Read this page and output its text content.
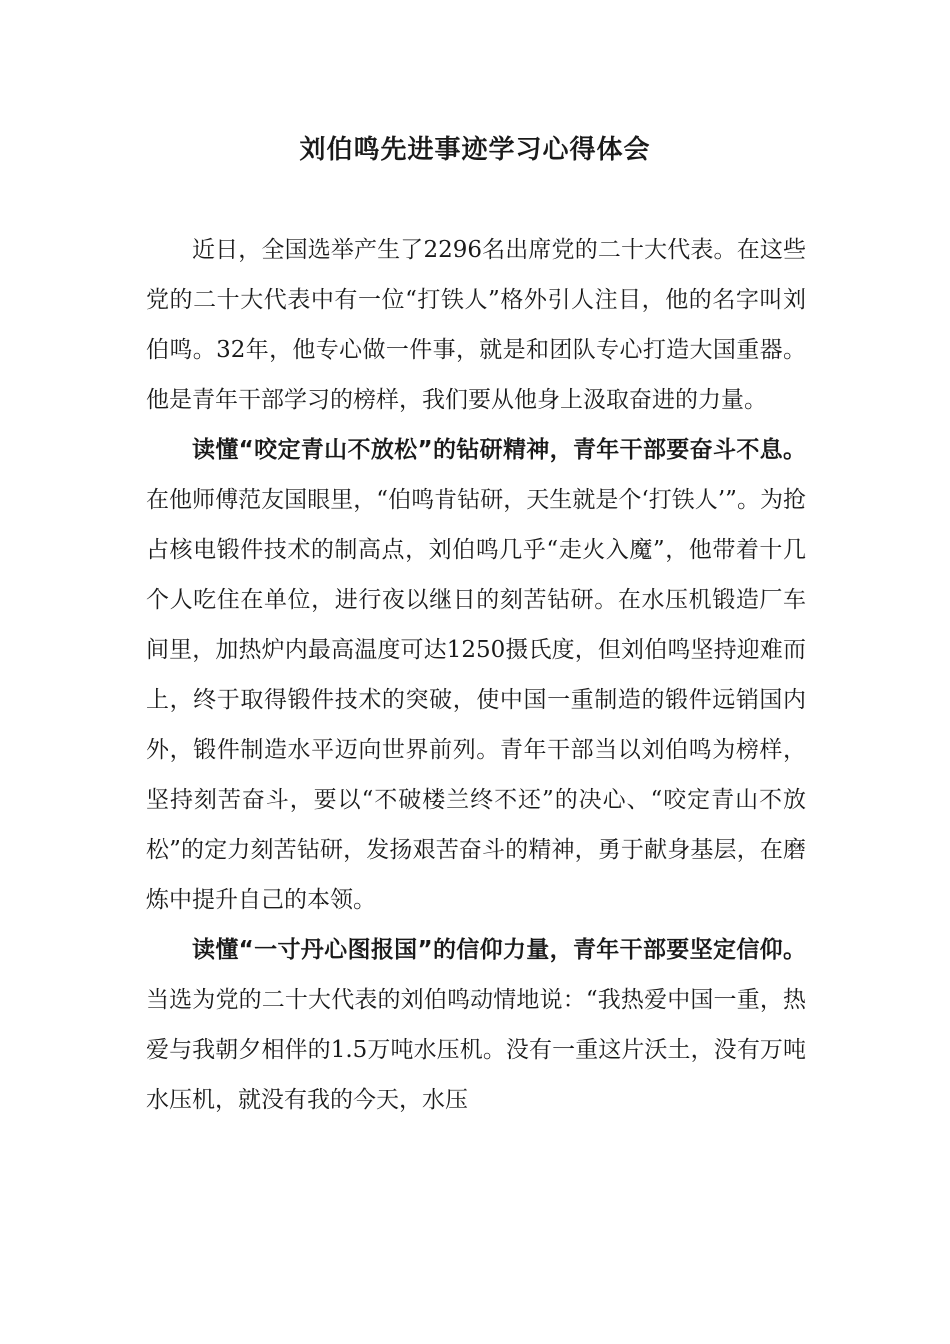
刘伯鸣先进事迹学习心得体会

近日，全国选举产生了2296名出席党的二十大代表。在这些党的二十大代表中有一位“打铁人”格外引人注目，他的名字叫刘伯鸣。32年，他专心做一件事，就是和团队专心打造大国重器。他是青年干部学习的榜样，我们要从他身上汲取奋进的力量。

读懂“咬定青山不放松”的钻研精神，青年干部要奋斗不息。在他师傅范友国眼里，“伯鸣肯钻研，天生就是个‘打铁人’”。为抢占核电锻件技术的制高点，刘伯鸣几乎“走火入魔”，他带着十几个人吃住在单位，进行夜以继日的刻苦钻研。在水压机锻造厂车间里，加热炉内最高温度可达1250摄氏度，但刘伯鸣坚持迎难而上，终于取得锻件技术的突破，使中国一重制造的锻件远销国内外，锻件制造水平迈向世界前列。青年干部当以刘伯鸣为榜样，坚持刻苦奋斗，要以“不破楼兰终不还”的决心、“咬定青山不放松”的定力刻苦钻研，发扬艰苦奋斗的精神，勇于献身基层，在磨炼中提升自己的本领。

读懂“一寸丹心图报国”的信仰力量，青年干部要坚定信仰。当选为党的二十大代表的刘伯鸣动情地说：“我热爱中国一重，热爱与我朝夕相伴的1.5万吨水压机。没有一重这片沃土，没有万吨水压机，就没有我的今天，水压
